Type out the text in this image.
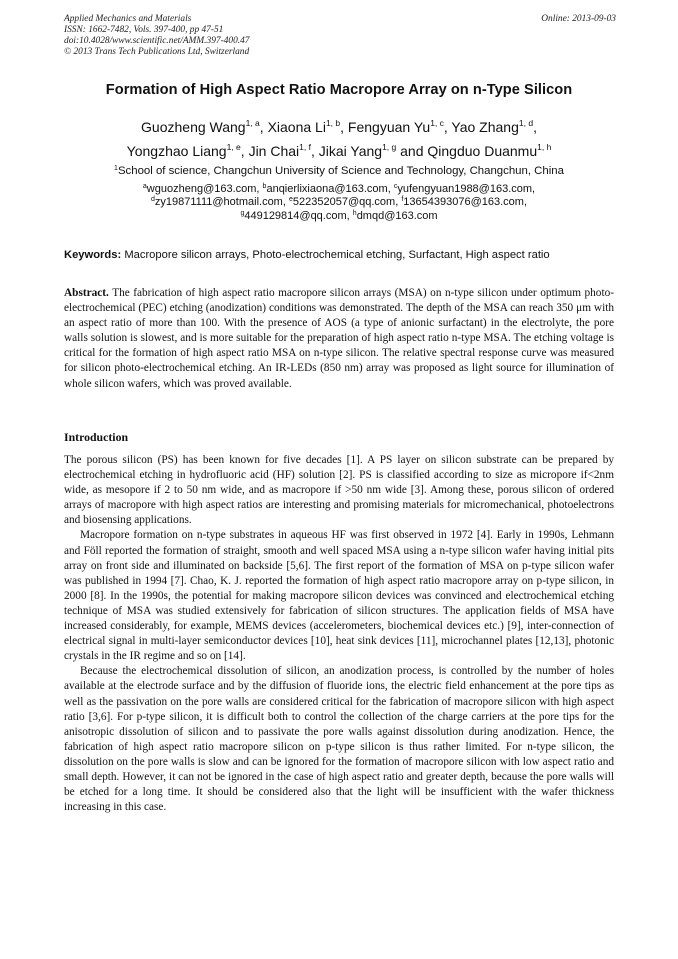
Applied Mechanics and Materials
ISSN: 1662-7482, Vols. 397-400, pp 47-51
doi:10.4028/www.scientific.net/AMM.397-400.47
© 2013 Trans Tech Publications Ltd, Switzerland
Online: 2013-09-03
Formation of High Aspect Ratio Macropore Array on n-Type Silicon
Guozheng Wang$^{1, a}$, Xiaona Li$^{1, b}$, Fengyuan Yu$^{1, c}$, Yao Zhang$^{1, d}$,
Yongzhao Liang$^{1, e}$, Jin Chai$^{1, f}$, Jikai Yang$^{1, g}$ and Qingduo Duanmu$^{1, h}$
$^1$School of science, Changchun University of Science and Technology, Changchun, China
$^a$wguozheng@163.com, $^b$anqierlixiaona@163.com, $^c$yufengyuan1988@163.com,
$^d$zy19871111@hotmail.com, $^e$522352057@qq.com, $^f$13654393076@163.com,
$^g$449129814@qq.com, $^h$dmqd@163.com
Keywords: Macropore silicon arrays, Photo-electrochemical etching, Surfactant, High aspect ratio
Abstract. The fabrication of high aspect ratio macropore silicon arrays (MSA) on n-type silicon under optimum photo-electrochemical (PEC) etching (anodization) conditions was demonstrated. The depth of the MSA can reach 350 μm with an aspect ratio of more than 100. With the presence of AOS (a type of anionic surfactant) in the electrolyte, the pore walls solution is slowest, and is more suitable for the preparation of high aspect ratio n-type MSA. The etching voltage is critical for the formation of high aspect ratio MSA on n-type silicon. The relative spectral response curve was measured for silicon photo-electrochemical etching. An IR-LEDs (850 nm) array was proposed as light source for illumination of whole silicon wafers, which was proved available.
Introduction

The porous silicon (PS) has been known for five decades [1]. A PS layer on silicon substrate can be prepared by electrochemical etching in hydrofluoric acid (HF) solution [2]. PS is classified according to size as micropore if<2nm wide, as mesopore if 2 to 50 nm wide, and as macropore if >50 nm wide [3]. Among these, porous silicon of ordered arrays of macropore with high aspect ratios are interesting and promising materials for micromechanical, photoelectrons and biosensing applications.

Macropore formation on n-type substrates in aqueous HF was first observed in 1972 [4]. Early in 1990s, Lehmann and Föll reported the formation of straight, smooth and well spaced MSA using a n-type silicon wafer having initial pits array on front side and illuminated on backside [5,6]. The first report of the formation of MSA on p-type silicon wafer was published in 1994 [7]. Chao, K. J. reported the formation of high aspect ratio macropore array on p-type silicon, in 2000 [8]. In the 1990s, the potential for making macropore silicon devices was convinced and electrochemical etching technique of MSA was studied extensively for fabrication of silicon structures. The application fields of MSA have increased considerably, for example, MEMS devices (accelerometers, biochemical devices etc.) [9], inter-connection of electrical signal in multi-layer semiconductor devices [10], heat sink devices [11], microchannel plates [12,13], photonic crystals in the IR regime and so on [14].

Because the electrochemical dissolution of silicon, an anodization process, is controlled by the number of holes available at the electrode surface and by the diffusion of fluoride ions, the electric field enhancement at the pore tips as well as the passivation on the pore walls are considered critical for the fabrication of macropore silicon with high aspect ratio [3,6]. For p-type silicon, it is difficult both to control the collection of the charge carriers at the pore tips for the anisotropic dissolution of silicon and to passivate the pore walls against dissolution during anodization. Hence, the fabrication of high aspect ratio macropore silicon on p-type silicon is thus rather limited. For n-type silicon, the dissolution on the pore walls is slow and can be ignored for the formation of macropore silicon with low aspect ratio and small depth. However, it can not be ignored in the case of high aspect ratio and greater depth, because the pore walls will be etched for a long time. It should be considered also that the light will be insufficient with the wafer thickness increasing in this case.
